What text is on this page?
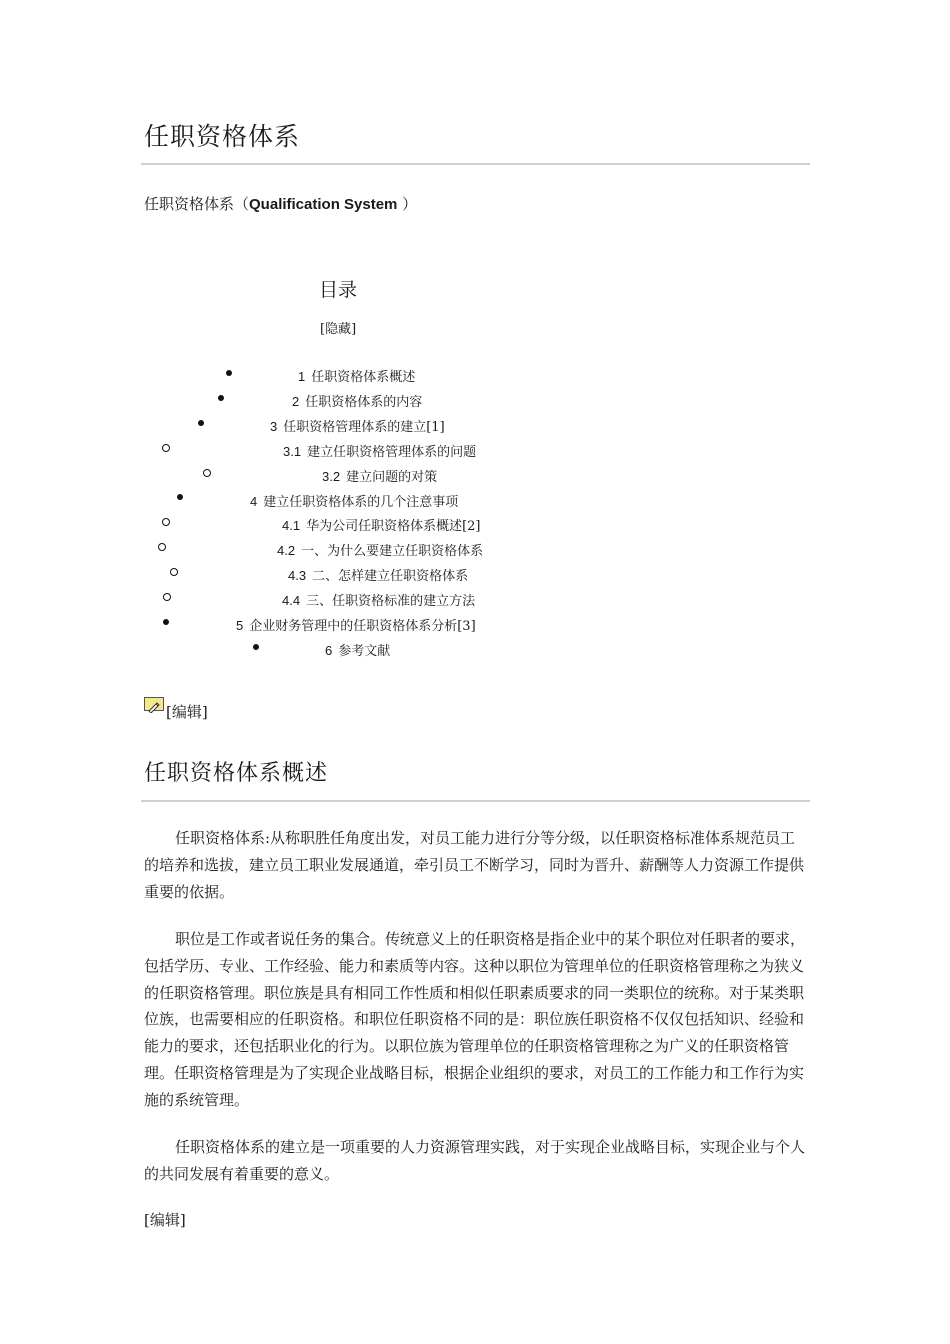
任职资格体系
任职资格体系（Qualification System ）
目录
[隐藏]
1 任职资格体系概述
2 任职资格体系的内容
3 任职资格管理体系的建立[1]
3.1 建立任职资格管理体系的问题
3.2 建立问题的对策
4 建立任职资格体系的几个注意事项
4.1 华为公司任职资格体系概述[2]
4.2 一、为什么要建立任职资格体系
4.3 二、怎样建立任职资格体系
4.4 三、任职资格标准的建立方法
5 企业财务管理中的任职资格体系分析[3]
6 参考文献
[编辑]
任职资格体系概述
任职资格体系:从称职胜任角度出发，对员工能力进行分等分级，以任职资格标准体系规范员工的培养和选拔，建立员工职业发展通道，牵引员工不断学习，同时为晋升、薪酬等人力资源工作提供重要的依据。
职位是工作或者说任务的集合。传统意义上的任职资格是指企业中的某个职位对任职者的要求，包括学历、专业、工作经验、能力和素质等内容。这种以职位为管理单位的任职资格管理称之为狭义的任职资格管理。职位族是具有相同工作性质和相似任职素质要求的同一类职位的统称。对于某类职位族，也需要相应的任职资格。和职位任职资格不同的是：职位族任职资格不仅仅包括知识、经验和能力的要求，还包括职业化的行为。以职位族为管理单位的任职资格管理称之为广义的任职资格管理。任职资格管理是为了实现企业战略目标，根据企业组织的要求，对员工的工作能力和工作行为实施的系统管理。
任职资格体系的建立是一项重要的人力资源管理实践，对于实现企业战略目标，实现企业与个人的共同发展有着重要的意义。
[编辑]
